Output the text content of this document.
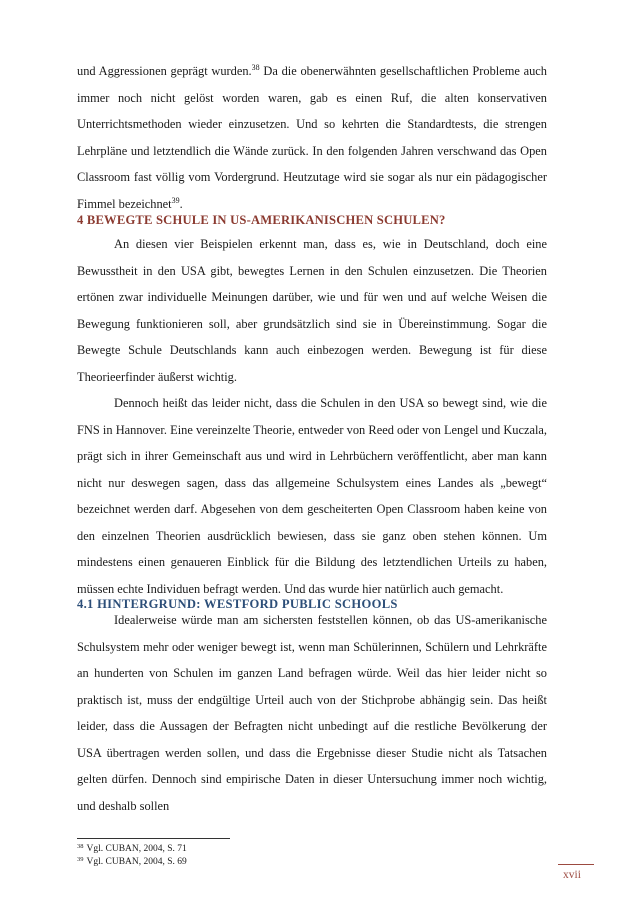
und Aggressionen geprägt wurden.$^{38}$ Da die obenerwähnten gesellschaftlichen Probleme auch immer noch nicht gelöst worden waren, gab es einen Ruf, die alten konservativen Unterrichtsmethoden wieder einzusetzen. Und so kehrten die Standardtests, die strengen Lehrpläne und letztendlich die Wände zurück. In den folgenden Jahren verschwand das Open Classroom fast völlig vom Vordergrund. Heutzutage wird sie sogar als nur ein pädagogischer Fimmel bezeichnet$^{39}$.

4 BEWEGTE SCHULE IN US-AMERIKANISCHEN SCHULEN?

An diesen vier Beispielen erkennt man, dass es, wie in Deutschland, doch eine Bewusstheit in den USA gibt, bewegtes Lernen in den Schulen einzusetzen. Die Theorien ertönen zwar individuelle Meinungen darüber, wie und für wen und auf welche Weisen die Bewegung funktionieren soll, aber grundsätzlich sind sie in Übereinstimmung. Sogar die Bewegte Schule Deutschlands kann auch einbezogen werden. Bewegung ist für diese Theorieerfinder äußerst wichtig.

Dennoch heißt das leider nicht, dass die Schulen in den USA so bewegt sind, wie die FNS in Hannover. Eine vereinzelte Theorie, entweder von Reed oder von Lengel und Kuczala, prägt sich in ihrer Gemeinschaft aus und wird in Lehrbüchern veröffentlicht, aber man kann nicht nur deswegen sagen, dass das allgemeine Schulsystem eines Landes als „bewegt“ bezeichnet werden darf. Abgesehen von dem gescheiterten Open Classroom haben keine von den einzelnen Theorien ausdrücklich bewiesen, dass sie ganz oben stehen können. Um mindestens einen genaueren Einblick für die Bildung des letztendlichen Urteils zu haben, müssen echte Individuen befragt werden. Und das wurde hier natürlich auch gemacht.

4.1 HINTERGRUND: WESTFORD PUBLIC SCHOOLS

Idealerweise würde man am sichersten feststellen können, ob das US-amerikanische Schulsystem mehr oder weniger bewegt ist, wenn man Schülerinnen, Schülern und Lehrkräfte an hunderten von Schulen im ganzen Land befragen würde. Weil das hier leider nicht so praktisch ist, muss der endgültige Urteil auch von der Stichprobe abhängig sein. Das heißt leider, dass die Aussagen der Befragten nicht unbedingt auf die restliche Bevölkerung der USA übertragen werden sollen, und dass die Ergebnisse dieser Studie nicht als Tatsachen gelten dürfen. Dennoch sind empirische Daten in dieser Untersuchung immer noch wichtig, und deshalb sollen

$^{38}$ Vgl. CUBAN, 2004, S. 71
$^{39}$ Vgl. CUBAN, 2004, S. 69
xvii
